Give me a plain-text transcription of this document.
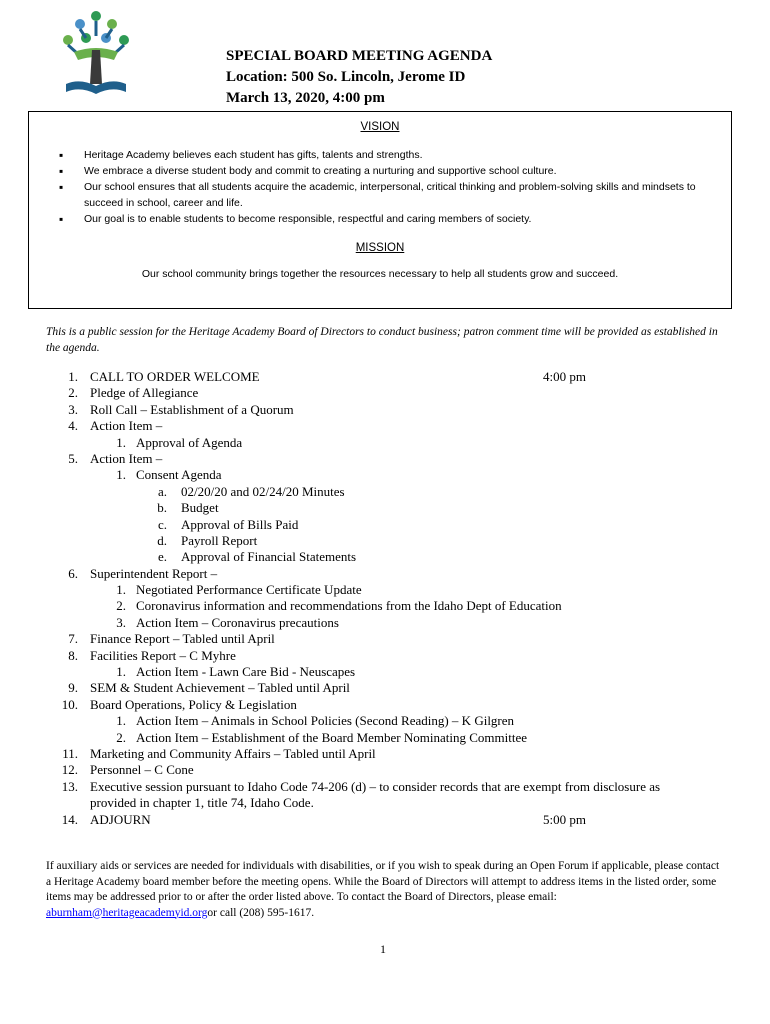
SPECIAL BOARD MEETING AGENDA
Location: 500 So. Lincoln, Jerome ID
March 13, 2020, 4:00 pm
VISION
▪ Heritage Academy believes each student has gifts, talents and strengths.
▪ We embrace a diverse student body and commit to creating a nurturing and supportive school culture.
▪ Our school ensures that all students acquire the academic, interpersonal, critical thinking and problem-solving skills and mindsets to succeed in school, career and life.
▪ Our goal is to enable students to become responsible, respectful and caring members of society.
MISSION
Our school community brings together the resources necessary to help all students grow and succeed.
This is a public session for the Heritage Academy Board of Directors to conduct business; patron comment time will be provided as established in the agenda.
1. CALL TO ORDER WELCOME	4:00 pm
2. Pledge of Allegiance
3. Roll Call – Establishment of a Quorum
4. Action Item –
1. Approval of Agenda
5. Action Item –
1. Consent Agenda
a. 02/20/20 and 02/24/20 Minutes
b. Budget
c. Approval of Bills Paid
d. Payroll Report
e. Approval of Financial Statements
6. Superintendent Report –
1. Negotiated Performance Certificate Update
2. Coronavirus information and recommendations from the Idaho Dept of Education
3. Action Item – Coronavirus precautions
7. Finance Report – Tabled until April
8. Facilities Report – C Myhre
1. Action Item - Lawn Care Bid - Neuscapes
9. SEM & Student Achievement – Tabled until April
10. Board Operations, Policy & Legislation
1. Action Item – Animals in School Policies (Second Reading) – K Gilgren
2. Action Item – Establishment of the Board Member Nominating Committee
11. Marketing and Community Affairs – Tabled until April
12. Personnel – C Cone
13. Executive session pursuant to Idaho Code 74-206 (d) – to consider records that are exempt from disclosure as
provided in chapter 1, title 74, Idaho Code.
14. ADJOURN	5:00 pm
If auxiliary aids or services are needed for individuals with disabilities, or if you wish to speak during an Open Forum if applicable, please contact a Heritage Academy board member before the meeting opens. While the Board of Directors will attempt to address items in the listed order, some items may be addressed prior to or after the order listed above. To contact the Board of Directors, please email: aburnham@heritageacademyid.orgor call (208) 595-1617.
1
